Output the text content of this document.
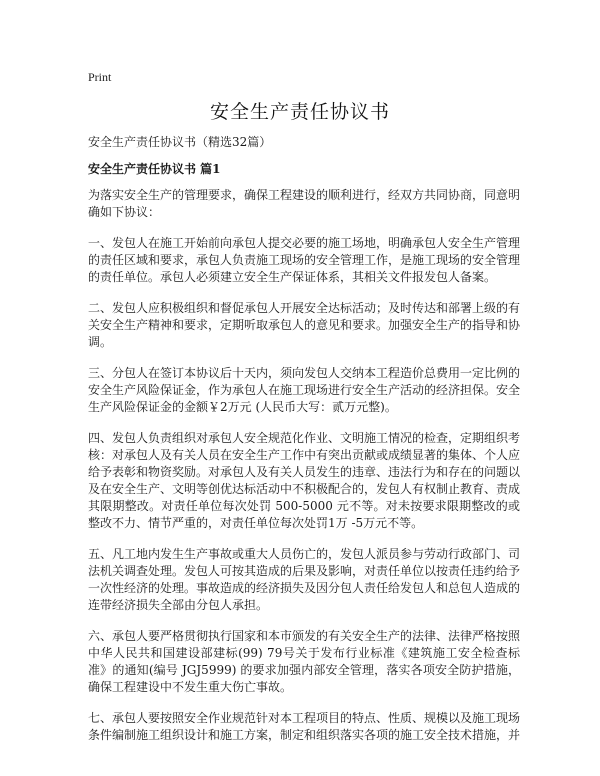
Print
安全生产责任协议书

安全生产责任协议书（精选32篇）

安全生产责任协议书 篇1

为落实安全生产的管理要求，确保工程建设的顺利进行，经双方共同协商，同意明确如下协议：

一、发包人在施工开始前向承包人提交必要的施工场地，明确承包人安全生产管理的责任区域和要求，承包人负责施工现场的安全管理工作，是施工现场的安全管理的责任单位。承包人必须建立安全生产保证体系，其相关文件报发包人备案。

二、发包人应积极组织和督促承包人开展安全达标活动；及时传达和部署上级的有关安全生产精神和要求，定期听取承包人的意见和要求。加强安全生产的指导和协调。

三、分包人在签订本协议后十天内，须向发包人交纳本工程造价总费用一定比例的安全生产风险保证金，作为承包人在施工现场进行安全生产活动的经济担保。安全生产风险保证金的金额￥2万元 (人民币大写：贰万元整)。

四、发包人负责组织对承包人安全规范化作业、文明施工情况的检查，定期组织考核：对承包人及有关人员在安全生产工作中有突出贡献或成绩显著的集体、个人应给予表彰和物资奖励。对承包人及有关人员发生的违章、违法行为和存在的问题以及在安全生产、文明等创优达标活动中不积极配合的，发包人有权制止教育、责成其限期整改。对责任单位每次处罚 500-5000 元不等。对未按要求限期整改的或整改不力、情节严重的，对责任单位每次处罚1万 -5万元不等。

五、凡工地内发生生产事故或重大人员伤亡的，发包人派员参与劳动行政部门、司法机关调查处理。发包人可按其造成的后果及影响，对责任单位以按责任违约给予一次性经济的处理。事故造成的经济损失及因分包人责任给发包人和总包人造成的连带经济损失全部由分包人承担。

六、承包人要严格贯彻执行国家和本市颁发的有关安全生产的法律、法律严格按照中华人民共和国建设部建标(99) 79号关于发布行业标准《建筑施工安全检查标准》的通知(编号 JGJ5999) 的要求加强内部安全管理，落实各项安全防护措施，确保工程建设中不发生重大伤亡事故。

七、承包人要按照安全作业规范针对本工程项目的特点、性质、规模以及施工现场条件编制施工组织设计和施工方案，制定和组织落实各项的施工安全技术措施，并
